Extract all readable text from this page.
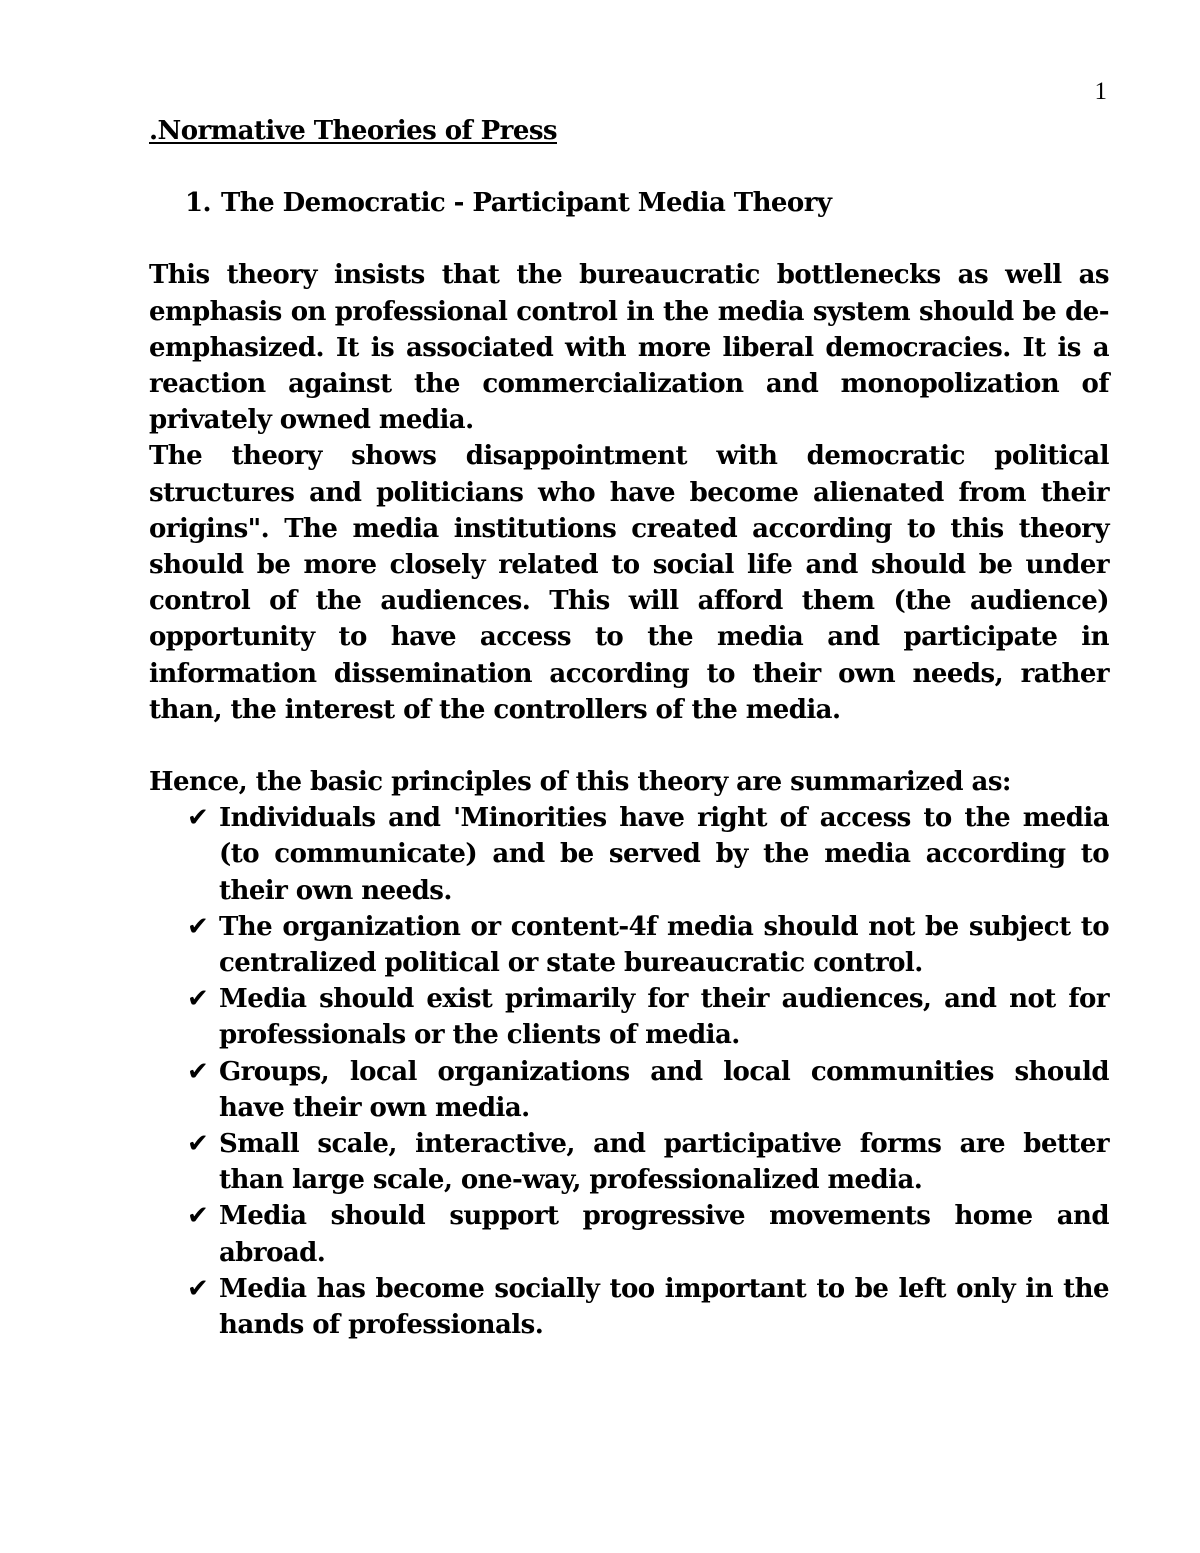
1
.Normative Theories of Press
1. The Democratic - Participant Media Theory

This theory insists that the bureaucratic bottlenecks as well as emphasis on professional control in the media system should be de-emphasized. It is associated with more liberal democracies. It is a reaction against the commercialization and monopolization of privately owned media.

The theory shows disappointment with democratic political structures and politicians who have become alienated from their origins". The media institutions created according to this theory should be more closely related to social life and should be under control of the audiences. This will afford them (the audience) opportunity to have access to the media and participate in information dissemination according to their own needs, rather than, the interest of the controllers of the media.

Hence, the basic principles of this theory are summarized as:

✔ Individuals and 'Minorities have right of access to the media (to communicate) and be served by the media according to their own needs.
✔ The organization or content-4f media should not be subject to centralized political or state bureaucratic control.
✔ Media should exist primarily for their audiences, and not for professionals or the clients of media.
✔ Groups, local organizations and local communities should have their own media.
✔ Small scale, interactive, and participative forms are better than large scale, one-way, professionalized media.
✔ Media should support progressive movements home and abroad.
✔ Media has become socially too important to be left only in the hands of professionals.
